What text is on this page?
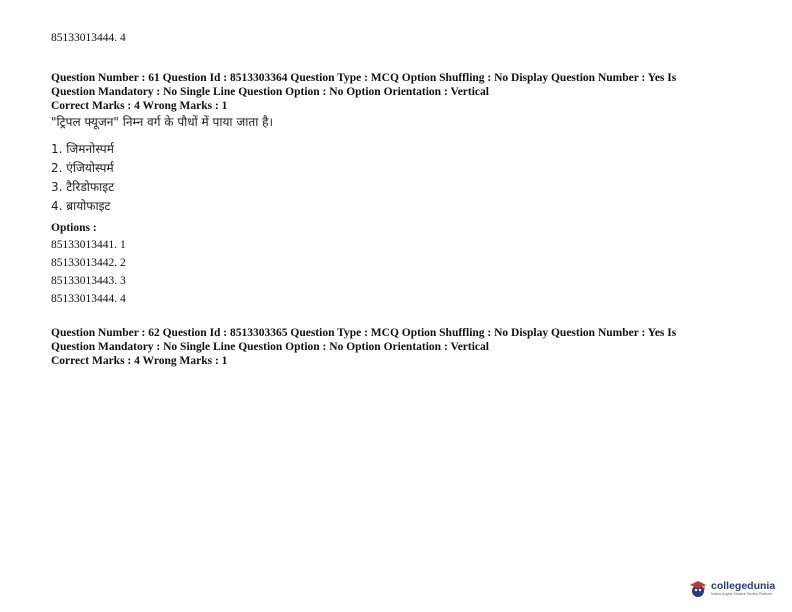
85133013444. 4
Question Number : 61 Question Id : 8513303364 Question Type : MCQ Option Shuffling : No Display Question Number : Yes Is
Question Mandatory : No Single Line Question Option : No Option Orientation : Vertical
Correct Marks : 4 Wrong Marks : 1
"ट्रिपल फ्यूजन" निम्न वर्ग के पौधों में पाया जाता है।
1. जिमनोस्पर्म
2. एंजियोस्पर्म
3. टैरिडोफाइट
4. ब्रायोफाइट
Options :
85133013441. 1
85133013442. 2
85133013443. 3
85133013444. 4
Question Number : 62 Question Id : 8513303365 Question Type : MCQ Option Shuffling : No Display Question Number : Yes Is
Question Mandatory : No Single Line Question Option : No Option Orientation : Vertical
Correct Marks : 4 Wrong Marks : 1
collegedunia
India's largest Student Review Platform
